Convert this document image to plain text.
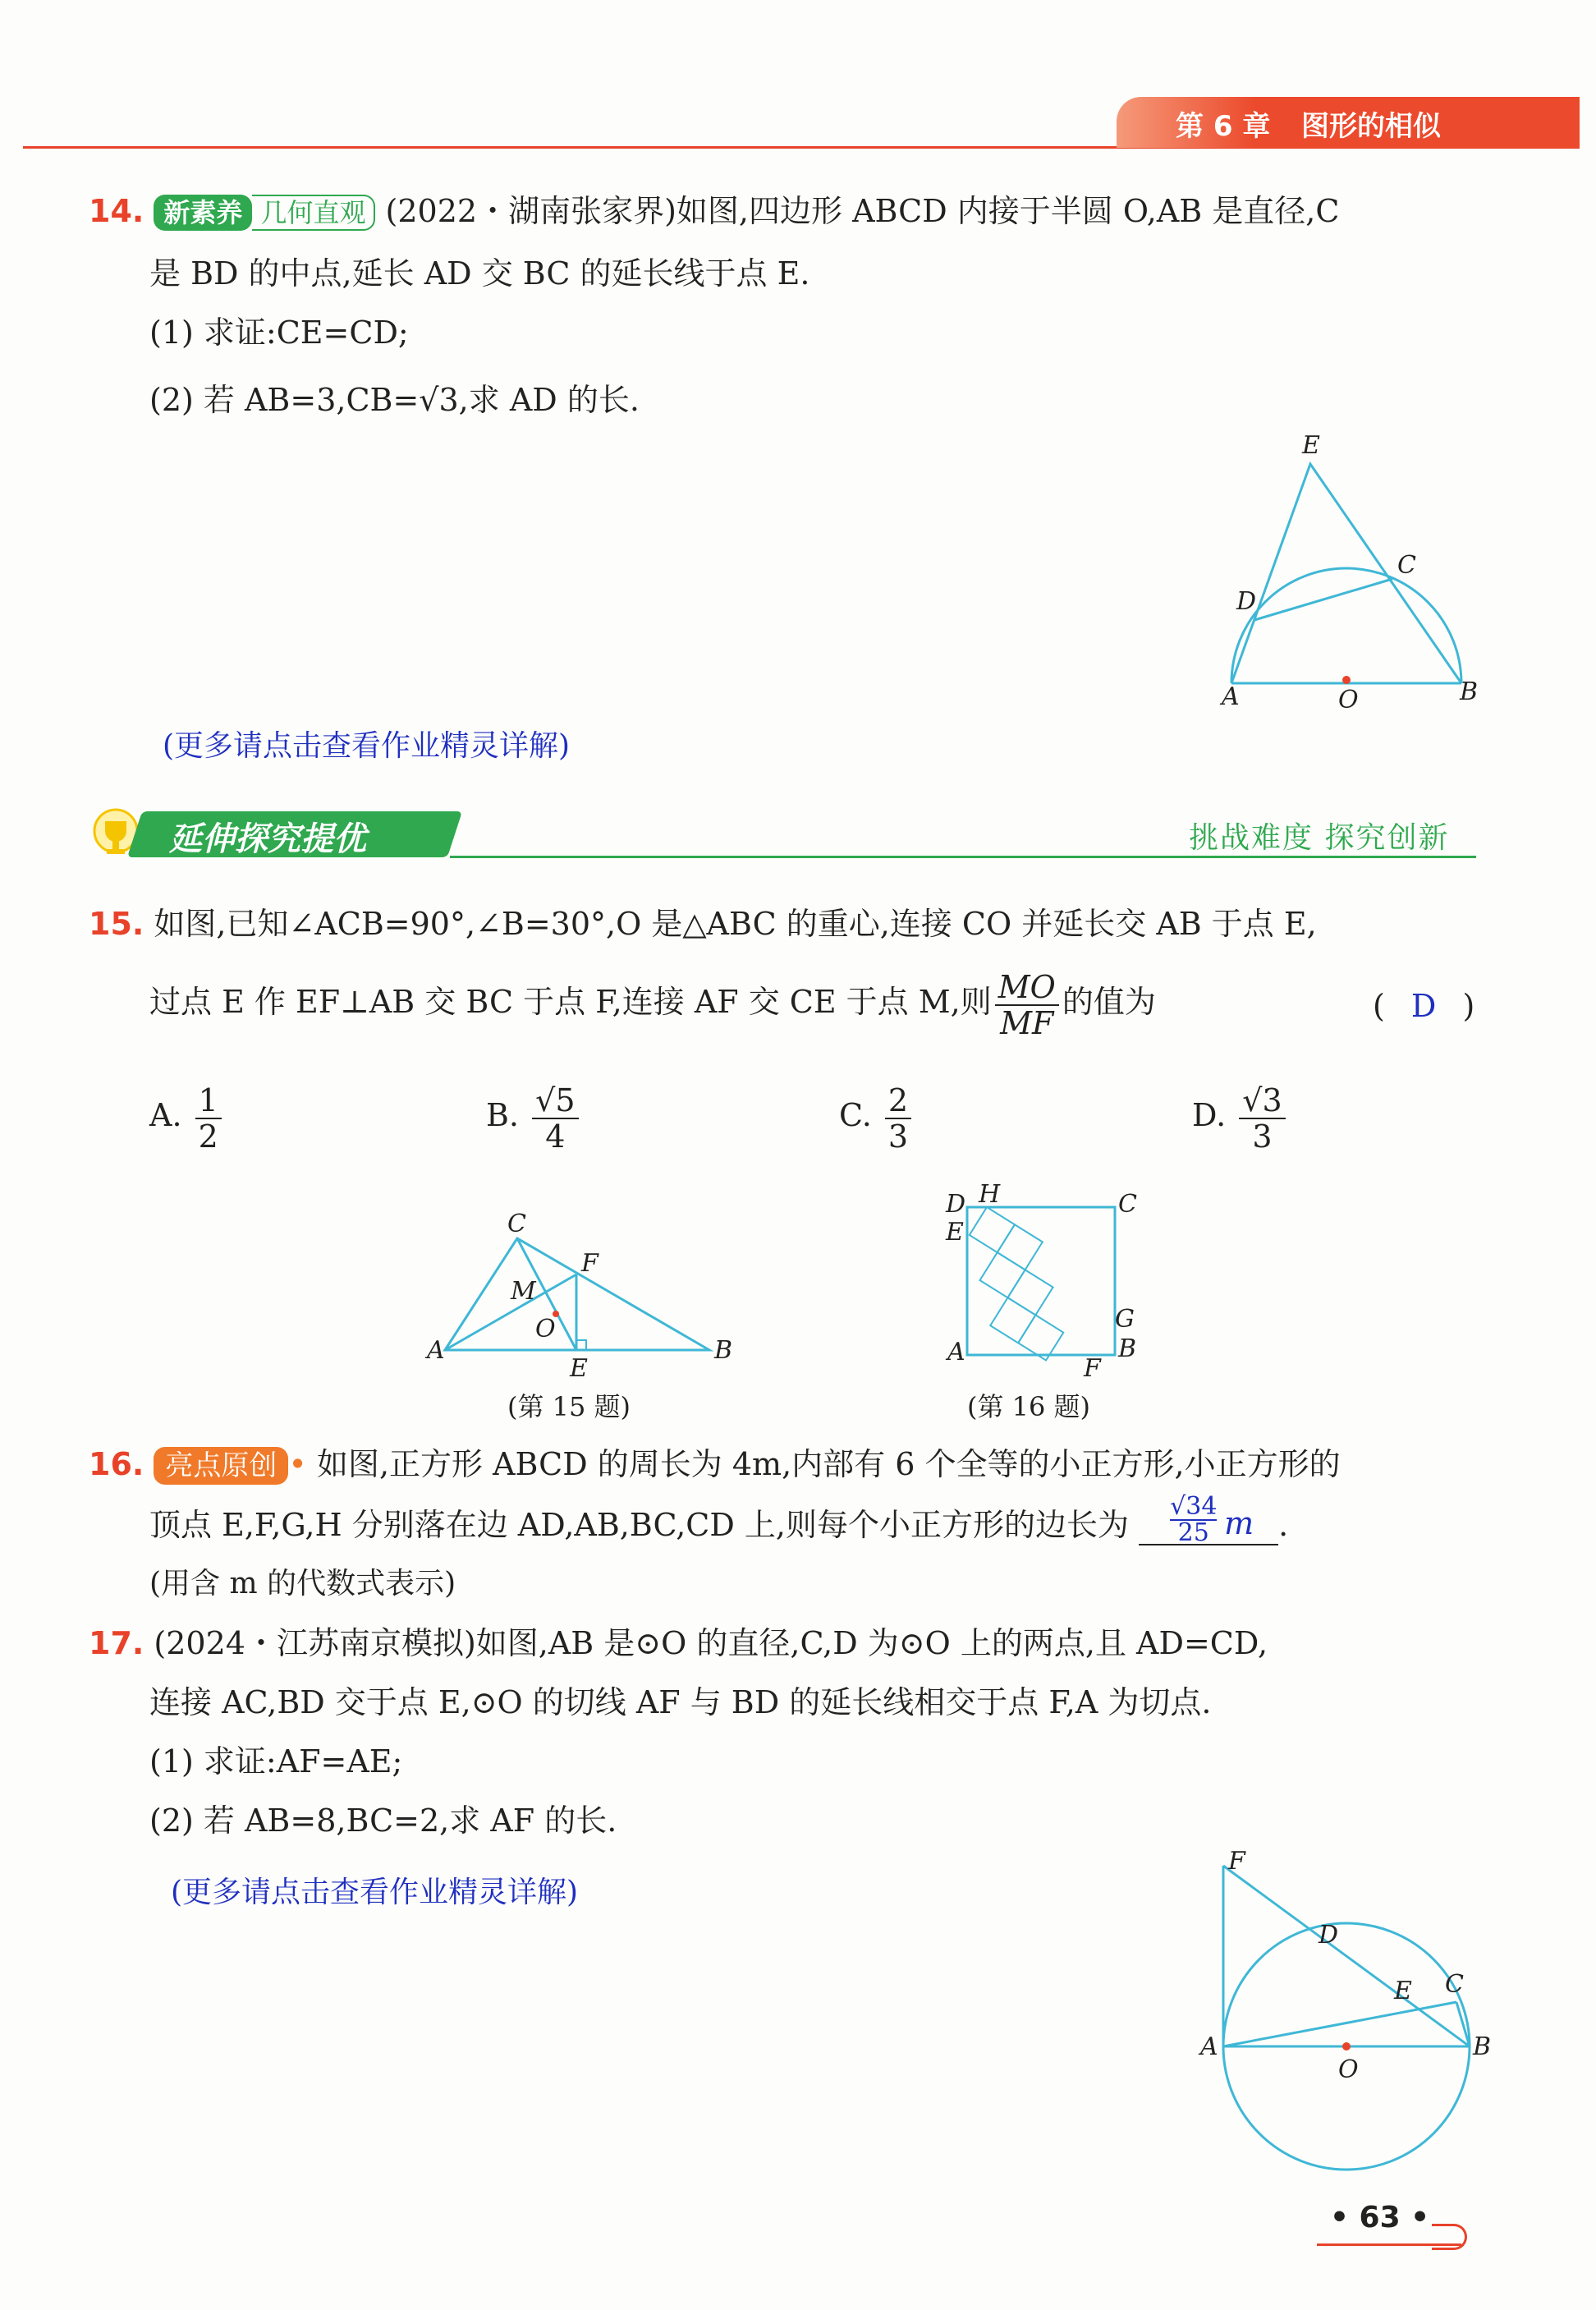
第 6 章 图形的相似
14. 新素养 几何直观 (2022・湖南张家界)如图,四边形 ABCD 内接于半圆 O,AB 是直径,C
是 BD 的中点,延长 AD 交 BC 的延长线于点 E.
(1) 求证:CE=CD;
(2) 若 AB=3,CB=√3,求 AD 的长.
E
C
D
A	O	B
(更多请点击查看作业精灵详解)
延伸探究提优	挑战难度 探究创新
15. 如图,已知∠ACB=90°,∠B=30°,O 是△ABC 的重心,连接 CO 并延长交 AB 于点 E,
过点 E 作 EF⊥AB 交 BC 于点 F,连接 AF 交 CE 于点 M,则 $\frac{MO}{MF}$ 的值为	( D )
A. $\frac{1}{2}$	B. $\frac{√5}{4}$	C. $\frac{2}{3}$	D. $\frac{√3}{3}$
C
F
M
O
A
E
B
(第 15 题)
D H	C
E
G
A
F
B
(第 16 题)
16. 亮点原创 • 如图,正方形 ABCD 的周长为 4m,内部有 6 个全等的小正方形,小正方形的
顶点 E,F,G,H 分别落在边 AD,AB,BC,CD 上,则每个小正方形的边长为 $\frac{√34}{25}$ m .
(用含 m 的代数式表示)
17. (2024・江苏南京模拟)如图,AB 是⊙O 的直径,C,D 为⊙O 上的两点,且 AD=CD,
连接 AC,BD 交于点 E,⊙O 的切线 AF 与 BD 的延长线相交于点 F,A 为切点.
(1) 求证:AF=AE;
(2) 若 AB=8,BC=2,求 AF 的长.
(更多请点击查看作业精灵详解)
F
D
E C
A
O
B
• 63 •
